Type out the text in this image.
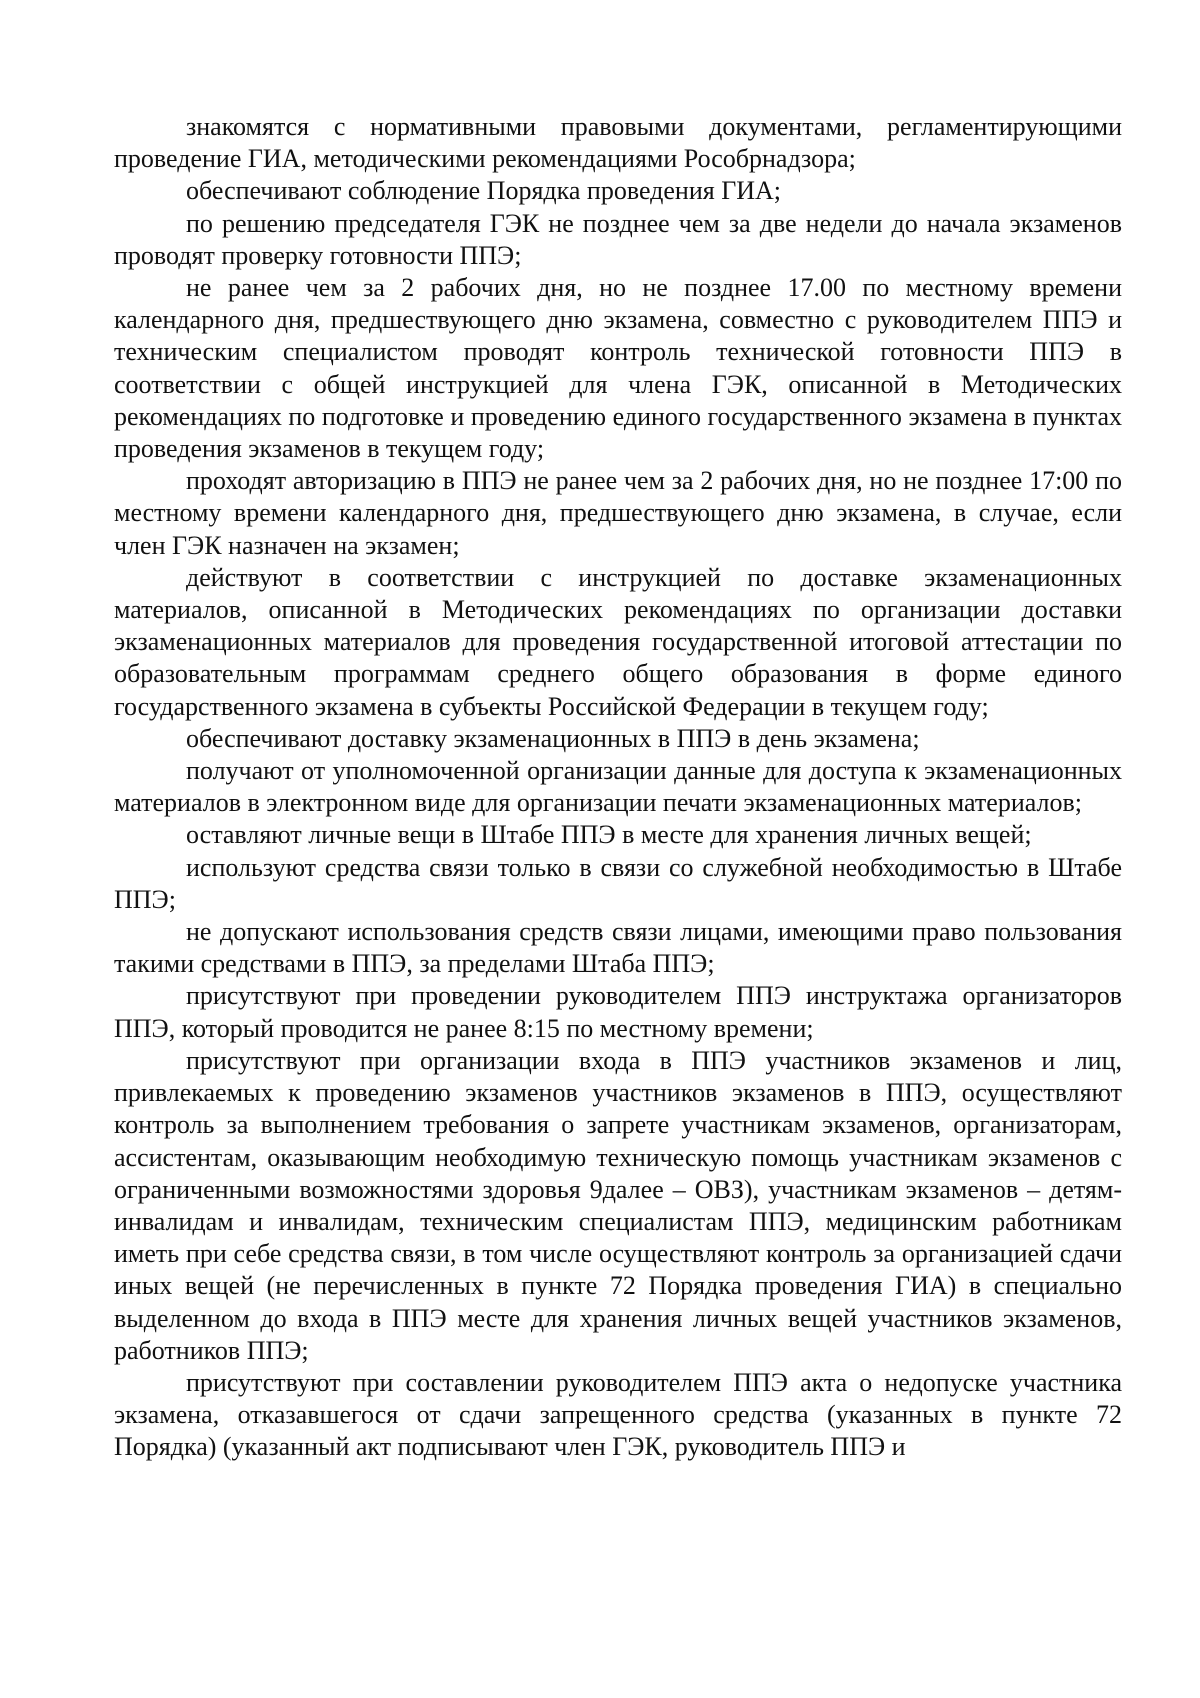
знакомятся с нормативными правовыми документами, регламентирующими проведение ГИА, методическими рекомендациями Рособрнадзора;

обеспечивают соблюдение Порядка проведения ГИА;

по решению председателя ГЭК не позднее чем за две недели до начала экзаменов проводят проверку готовности ППЭ;

не ранее чем за 2 рабочих дня, но не позднее 17.00 по местному времени календарного дня, предшествующего дню экзамена, совместно с руководителем ППЭ и техническим специалистом проводят контроль технической готовности ППЭ в соответствии с общей инструкцией для члена ГЭК, описанной в Методических рекомендациях по подготовке и проведению единого государственного экзамена в пунктах проведения экзаменов в текущем году;

проходят авторизацию в ППЭ не ранее чем за 2 рабочих дня, но не позднее 17:00 по местному времени календарного дня, предшествующего дню экзамена, в случае, если член ГЭК назначен на экзамен;

действуют в соответствии с инструкцией по доставке экзаменационных материалов, описанной в Методических рекомендациях по организации доставки экзаменационных материалов для проведения государственной итоговой аттестации по образовательным программам среднего общего образования в форме единого государственного экзамена в субъекты Российской Федерации в текущем году;

обеспечивают доставку экзаменационных в ППЭ в день экзамена;

получают от уполномоченной организации данные для доступа к экзаменационных материалов в электронном виде для организации печати экзаменационных материалов;

оставляют личные вещи в Штабе ППЭ в месте для хранения личных вещей;

используют средства связи только в связи со служебной необходимостью в Штабе ППЭ;

не допускают использования средств связи лицами, имеющими право пользования такими средствами в ППЭ, за пределами Штаба ППЭ;

присутствуют при проведении руководителем ППЭ инструктажа организаторов ППЭ, который проводится не ранее 8:15 по местному времени;

присутствуют при организации входа в ППЭ участников экзаменов и лиц, привлекаемых к проведению экзаменов участников экзаменов в ППЭ, осуществляют контроль за выполнением требования о запрете участникам экзаменов, организаторам, ассистентам, оказывающим необходимую техническую помощь участникам экзаменов с ограниченными возможностями здоровья 9далее – ОВЗ), участникам экзаменов – детям-инвалидам и инвалидам, техническим специалистам ППЭ, медицинским работникам иметь при себе средства связи, в том числе осуществляют контроль за организацией сдачи иных вещей (не перечисленных в пункте 72 Порядка проведения ГИА) в специально выделенном до входа в ППЭ месте для хранения личных вещей участников экзаменов, работников ППЭ;

присутствуют при составлении руководителем ППЭ акта о недопуске участника экзамена, отказавшегося от сдачи запрещенного средства (указанных в пункте 72 Порядка) (указанный акт подписывают член ГЭК, руководитель ППЭ и
